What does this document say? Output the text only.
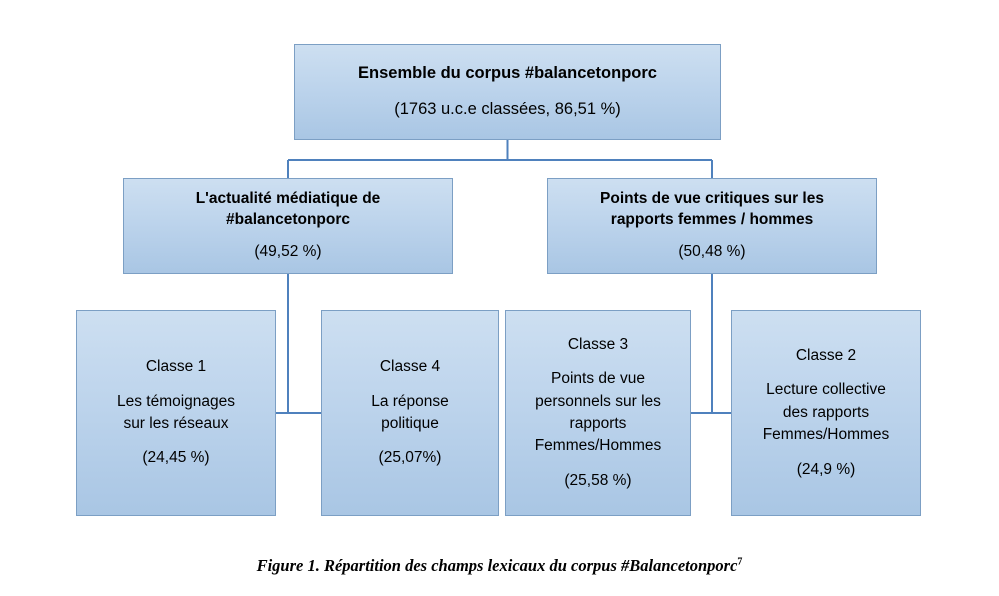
Ensemble du corpus #balancetonporc
(1763 u.c.e classées, 86,51 %)
L'actualité médiatique de
#balancetonporc
(49,52 %)
Points de vue critiques sur les
rapports femmes / hommes
(50,48 %)
Classe 1
Les témoignages
sur les réseaux
(24,45 %)
Classe 4
La réponse
politique
(25,07%)
Classe 3
Points de vue
personnels sur les
rapports
Femmes/Hommes
(25,58 %)
Classe 2
Lecture collective
des rapports
Femmes/Hommes
(24,9 %)
Figure 1. Répartition des champs lexicaux du corpus #Balancetonporc$^7$
